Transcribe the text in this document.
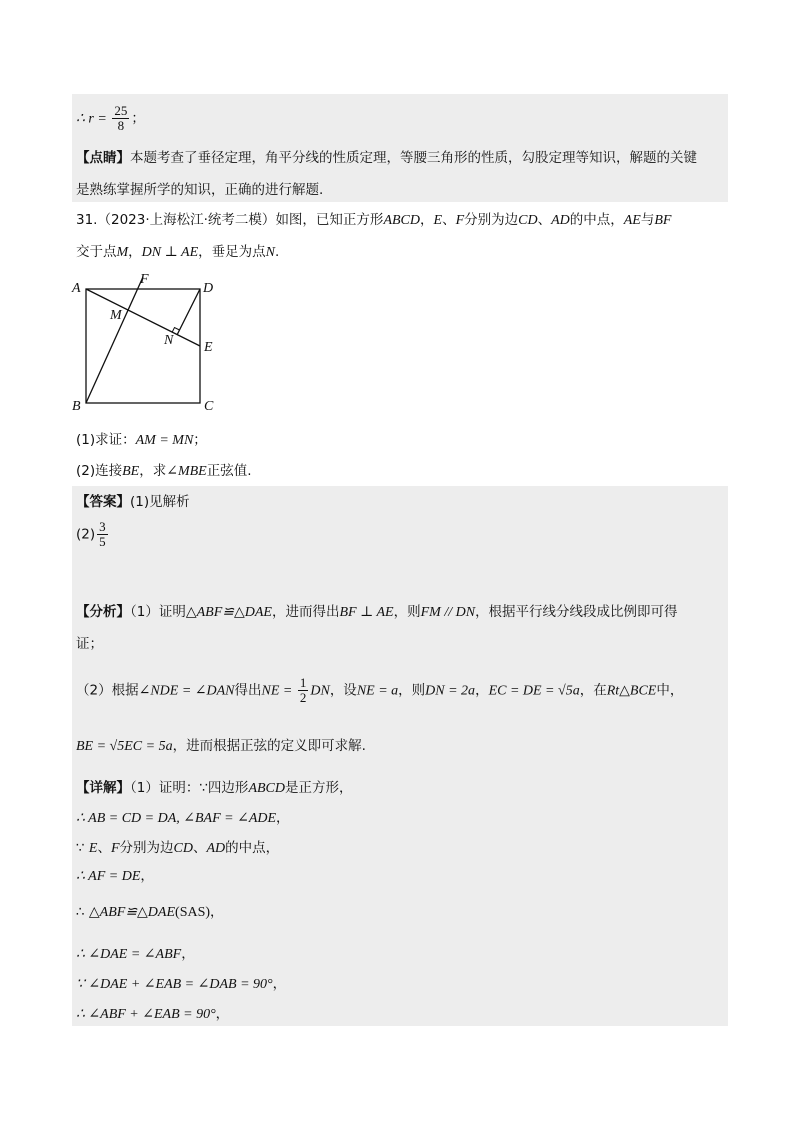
∴ $r = \frac{25}{8}$ ；
【点睛】本题考查了垂径定理，角平分线的性质定理，等腰三角形的性质，勾股定理等知识，解题的关键
是熟练掌握所学的知识，正确的进行解题.
31.（2023·上海松江·统考二模）如图，已知正方形ABCD，E、F分别为边CD、AD的中点，AE与BF
交于点M，DN ⊥ AE，垂足为点N.
A
F
D
M
N E
B	C
(1)求证：AM = MN；
(2)连接BE，求∠MBE正弦值.
【答案】(1)见解析
$(2) \frac{3}{5}$
【分析】（1）证明△ABF≌△DAE，进而得出BF ⊥ AE，则FM // DN，根据平行线分线段成比例即可得
证；
（2）根据∠NDE = ∠DAN得出NE = $\frac{1}{2}$ DN，设NE = a，则DN = 2a，EC = DE = √5a，在Rt△BCE中，
BE = √5EC = 5a，进而根据正弦的定义即可求解.
【详解】（1）证明：∵四边形ABCD是正方形，
∴ AB = CD = DA, ∠BAF = ∠ADE，
∵ E、F分别为边CD、AD的中点，
∴ AF = DE，
∴ △ABF≌△DAE(SAS)，
∴ ∠DAE = ∠ABF，
∵ ∠DAE + ∠EAB = ∠DAB = 90°，
∴ ∠ABF + ∠EAB = 90°，
